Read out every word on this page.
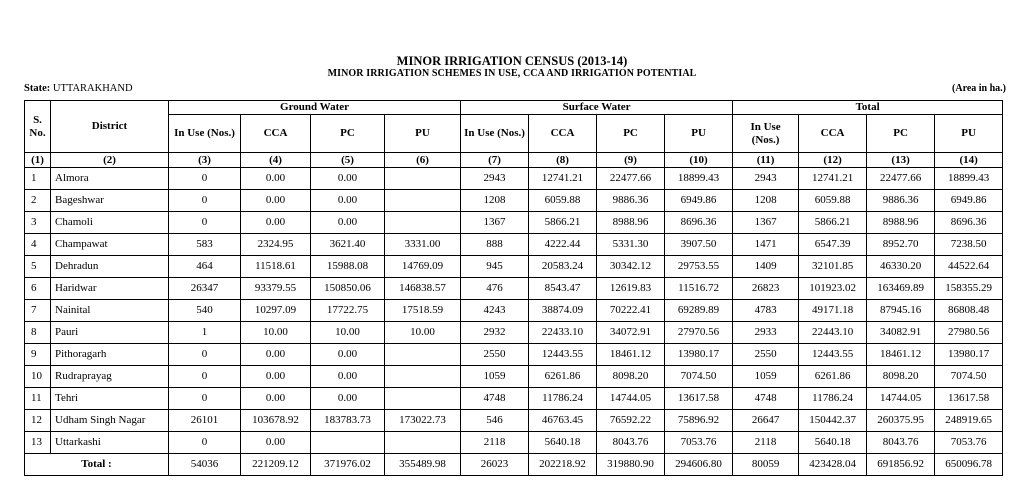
MINOR IRRIGATION CENSUS (2013-14)
MINOR IRRIGATION SCHEMES IN USE, CCA AND IRRIGATION POTENTIAL
State: UTTARAKHAND	(Area in ha.)
S. No.	District	Ground Water				Surface Water				Total			
		In Use (Nos.)	CCA	PC	PU	In Use (Nos.)	CCA	PC	PU	In Use (Nos.)	CCA	PC	PU
(1)	(2)	(3)	(4)	(5)	(6)	(7)	(8)	(9)	(10)	(11)	(12)	(13)	(14)
1	Almora	0	0.00	0.00		2943	12741.21	22477.66	18899.43	2943	12741.21	22477.66	18899.43
2	Bageshwar	0	0.00	0.00		1208	6059.88	9886.36	6949.86	1208	6059.88	9886.36	6949.86
3	Chamoli	0	0.00	0.00		1367	5866.21	8988.96	8696.36	1367	5866.21	8988.96	8696.36
4	Champawat	583	2324.95	3621.40	3331.00	888	4222.44	5331.30	3907.50	1471	6547.39	8952.70	7238.50
5	Dehradun	464	11518.61	15988.08	14769.09	945	20583.24	30342.12	29753.55	1409	32101.85	46330.20	44522.64
6	Haridwar	26347	93379.55	150850.06	146838.57	476	8543.47	12619.83	11516.72	26823	101923.02	163469.89	158355.29
7	Nainital	540	10297.09	17722.75	17518.59	4243	38874.09	70222.41	69289.89	4783	49171.18	87945.16	86808.48
8	Pauri	1	10.00	10.00	10.00	2932	22433.10	34072.91	27970.56	2933	22443.10	34082.91	27980.56
9	Pithoragarh	0	0.00	0.00		2550	12443.55	18461.12	13980.17	2550	12443.55	18461.12	13980.17
10	Rudraprayag	0	0.00	0.00		1059	6261.86	8098.20	7074.50	1059	6261.86	8098.20	7074.50
11	Tehri	0	0.00	0.00		4748	11786.24	14744.05	13617.58	4748	11786.24	14744.05	13617.58
12	Udham Singh Nagar	26101	103678.92	183783.73	173022.73	546	46763.45	76592.22	75896.92	26647	150442.37	260375.95	248919.65
13	Uttarkashi	0	0.00			2118	5640.18	8043.76	7053.76	2118	5640.18	8043.76	7053.76
Total :		54036	221209.12	371976.02	355489.98	26023	202218.92	319880.90	294606.80	80059	423428.04	691856.92	650096.78
